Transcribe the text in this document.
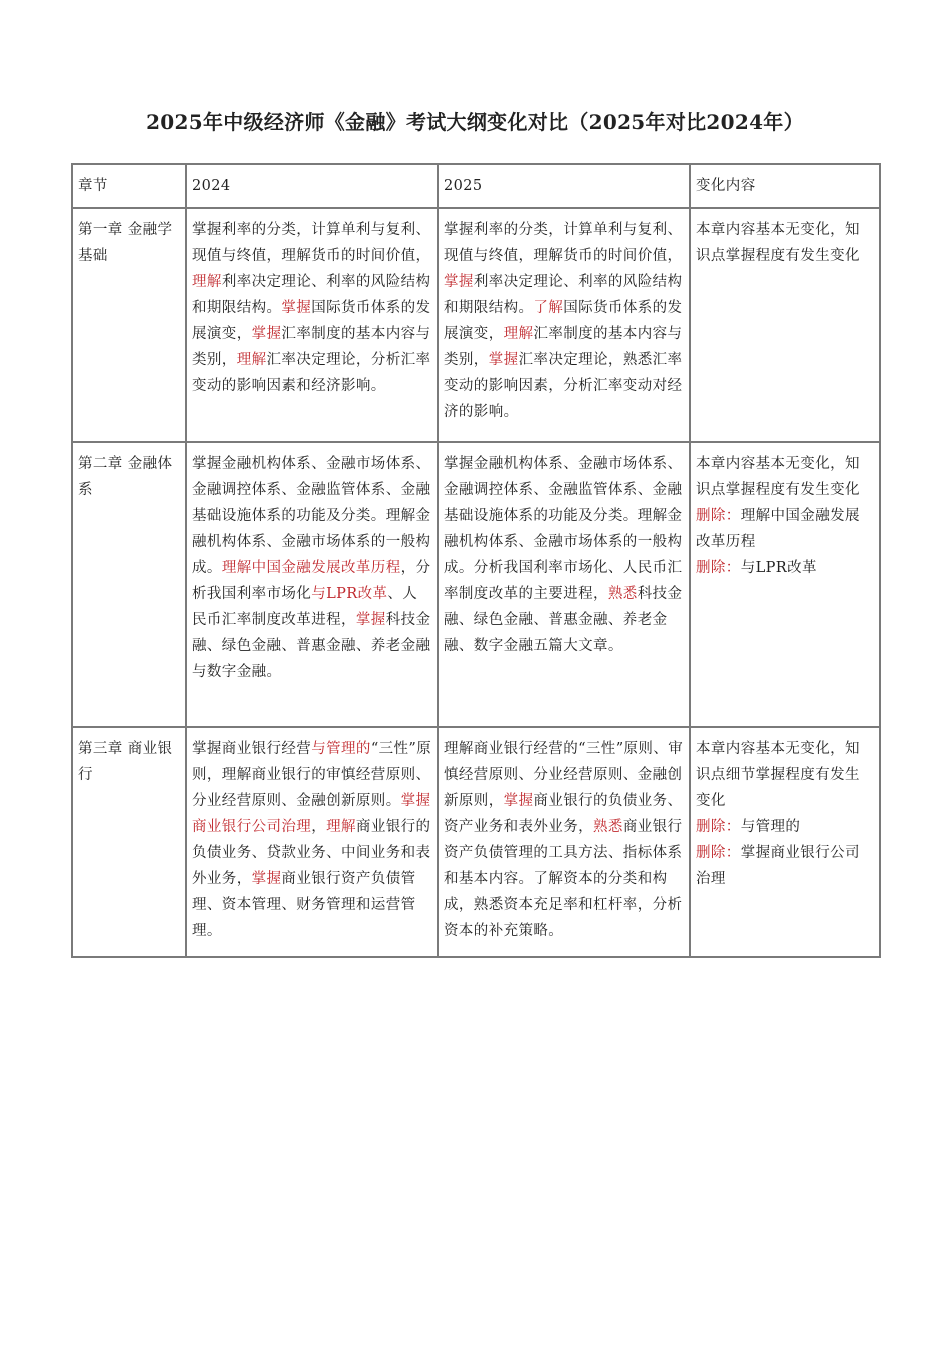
2025年中级经济师《金融》考试大纲变化对比（2025年对比2024年）
章节	2024	2025	变化内容
第一章 金融学基础	掌握利率的分类，计算单利与复利、现值与终值，理解货币的时间价值，理解利率决定理论、利率的风险结构和期限结构。掌握国际货币体系的发展演变，掌握汇率制度的基本内容与类别，理解汇率决定理论，分析汇率变动的影响因素和经济影响。	掌握利率的分类，计算单利与复利、现值与终值，理解货币的时间价值，掌握利率决定理论、利率的风险结构和期限结构。了解国际货币体系的发展演变，理解汇率制度的基本内容与类别，掌握汇率决定理论，熟悉汇率变动的影响因素，分析汇率变动对经济的影响。	本章内容基本无变化，知识点掌握程度有发生变化
第二章 金融体系	掌握金融机构体系、金融市场体系、金融调控体系、金融监管体系、金融基础设施体系的功能及分类。理解金融机构体系、金融市场体系的一般构成。理解中国金融发展改革历程，分析我国利率市场化与LPR改革、人民币汇率制度改革进程，掌握科技金融、绿色金融、普惠金融、养老金融与数字金融。	掌握金融机构体系、金融市场体系、金融调控体系、金融监管体系、金融基础设施体系的功能及分类。理解金融机构体系、金融市场体系的一般构成。分析我国利率市场化、人民币汇率制度改革的主要进程，熟悉科技金融、绿色金融、普惠金融、养老金融、数字金融五篇大文章。	本章内容基本无变化，知识点掌握程度有发生变化
删除：理解中国金融发展改革历程
删除：与LPR改革
第三章 商业银行	掌握商业银行经营与管理的“三性”原则，理解商业银行的审慎经营原则、分业经营原则、金融创新原则。掌握商业银行公司治理，理解商业银行的负债业务、贷款业务、中间业务和表外业务，掌握商业银行资产负债管理、资本管理、财务管理和运营管理。	理解商业银行经营的“三性”原则、审慎经营原则、分业经营原则、金融创新原则，掌握商业银行的负债业务、资产业务和表外业务，熟悉商业银行资产负债管理的工具方法、指标体系和基本内容。了解资本的分类和构成，熟悉资本充足率和杠杆率，分析资本的补充策略。	本章内容基本无变化，知识点细节掌握程度有发生变化
删除：与管理的
删除：掌握商业银行公司治理
